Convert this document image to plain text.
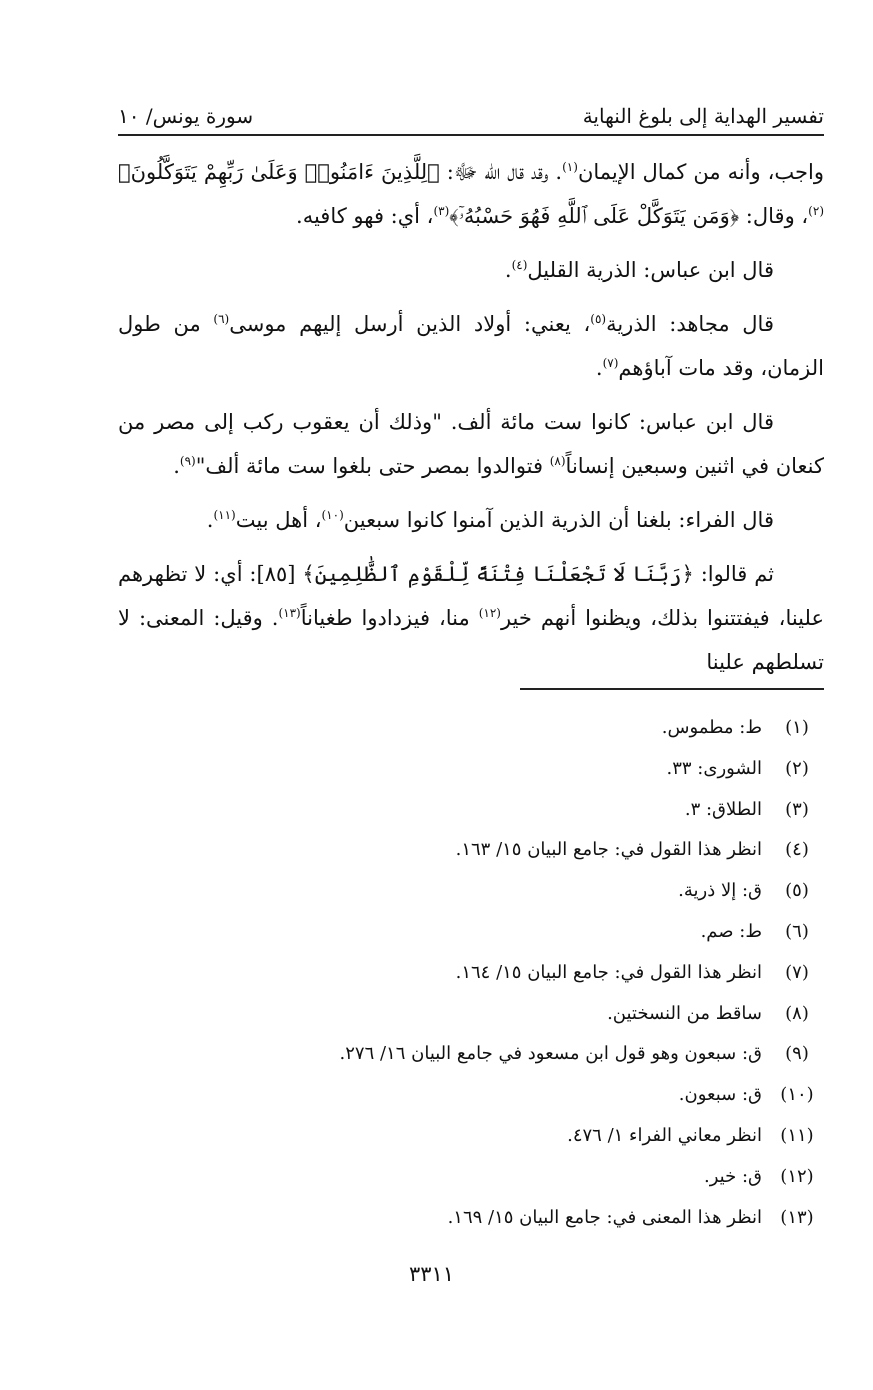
تفسير الهداية إلى بلوغ النهاية
سورة يونس/ ١٠

واجب، وأنه من كمال الإيمان$^{(١)}$. وقد قال الله ﷻ: ﴿لِلَّذِينَ ءَامَنُوا۟ وَعَلَىٰ رَبِّهِمْ يَتَوَكَّلُونَ﴾$^{(٢)}$، وقال: ﴿وَمَن يَتَوَكَّلْ عَلَى ٱللَّهِ فَهُوَ حَسْبُهُۥٓ﴾$^{(٣)}$، أي: فهو كافيه.

قال ابن عباس: الذرية القليل$^{(٤)}$.

قال مجاهد: الذرية$^{(٥)}$، يعني: أولاد الذين أرسل إليهم موسى$^{(٦)}$ من طول الزمان، وقد مات آباؤهم$^{(٧)}$.

قال ابن عباس: كانوا ست مائة ألف. "وذلك أن يعقوب ركب إلى مصر من كنعان في اثنين وسبعين إنساناً$^{(٨)}$ فتوالدوا بمصر حتى بلغوا ست مائة ألف"$^{(٩)}$.

قال الفراء: بلغنا أن الذرية الذين آمنوا كانوا سبعين$^{(١٠)}$، أهل بيت$^{(١١)}$.

ثم قالوا: ﴿رَبَّنَا لَا تَجْعَلْنَا فِتْنَةً لِّلْقَوْمِ ٱلظَّٰلِمِينَ﴾ [٨٥]: أي: لا تظهرهم علينا، فيفتتنوا بذلك، ويظنوا أنهم خير$^{(١٢)}$ منا، فيزدادوا طغياناً$^{(١٣)}$. وقيل: المعنى: لا تسلطهم علينا

(١)
ط: مطموس.
(٢)
الشورى: ٣٣.
(٣)
الطلاق: ٣.
(٤)
انظر هذا القول في: جامع البيان ١٥/ ١٦٣.
(٥)
ق: إلا ذرية.
(٦)
ط: صم.
(٧)
انظر هذا القول في: جامع البيان ١٥/ ١٦٤.
(٨)
ساقط من النسختين.
(٩)
ق: سبعون وهو قول ابن مسعود في جامع البيان ١٦/ ٢٧٦.
(١٠)
ق: سبعون.
(١١)
انظر معاني الفراء ١/ ٤٧٦.
(١٢)
ق: خير.
(١٣)
انظر هذا المعنى في: جامع البيان ١٥/ ١٦٩.
٣٣١١
